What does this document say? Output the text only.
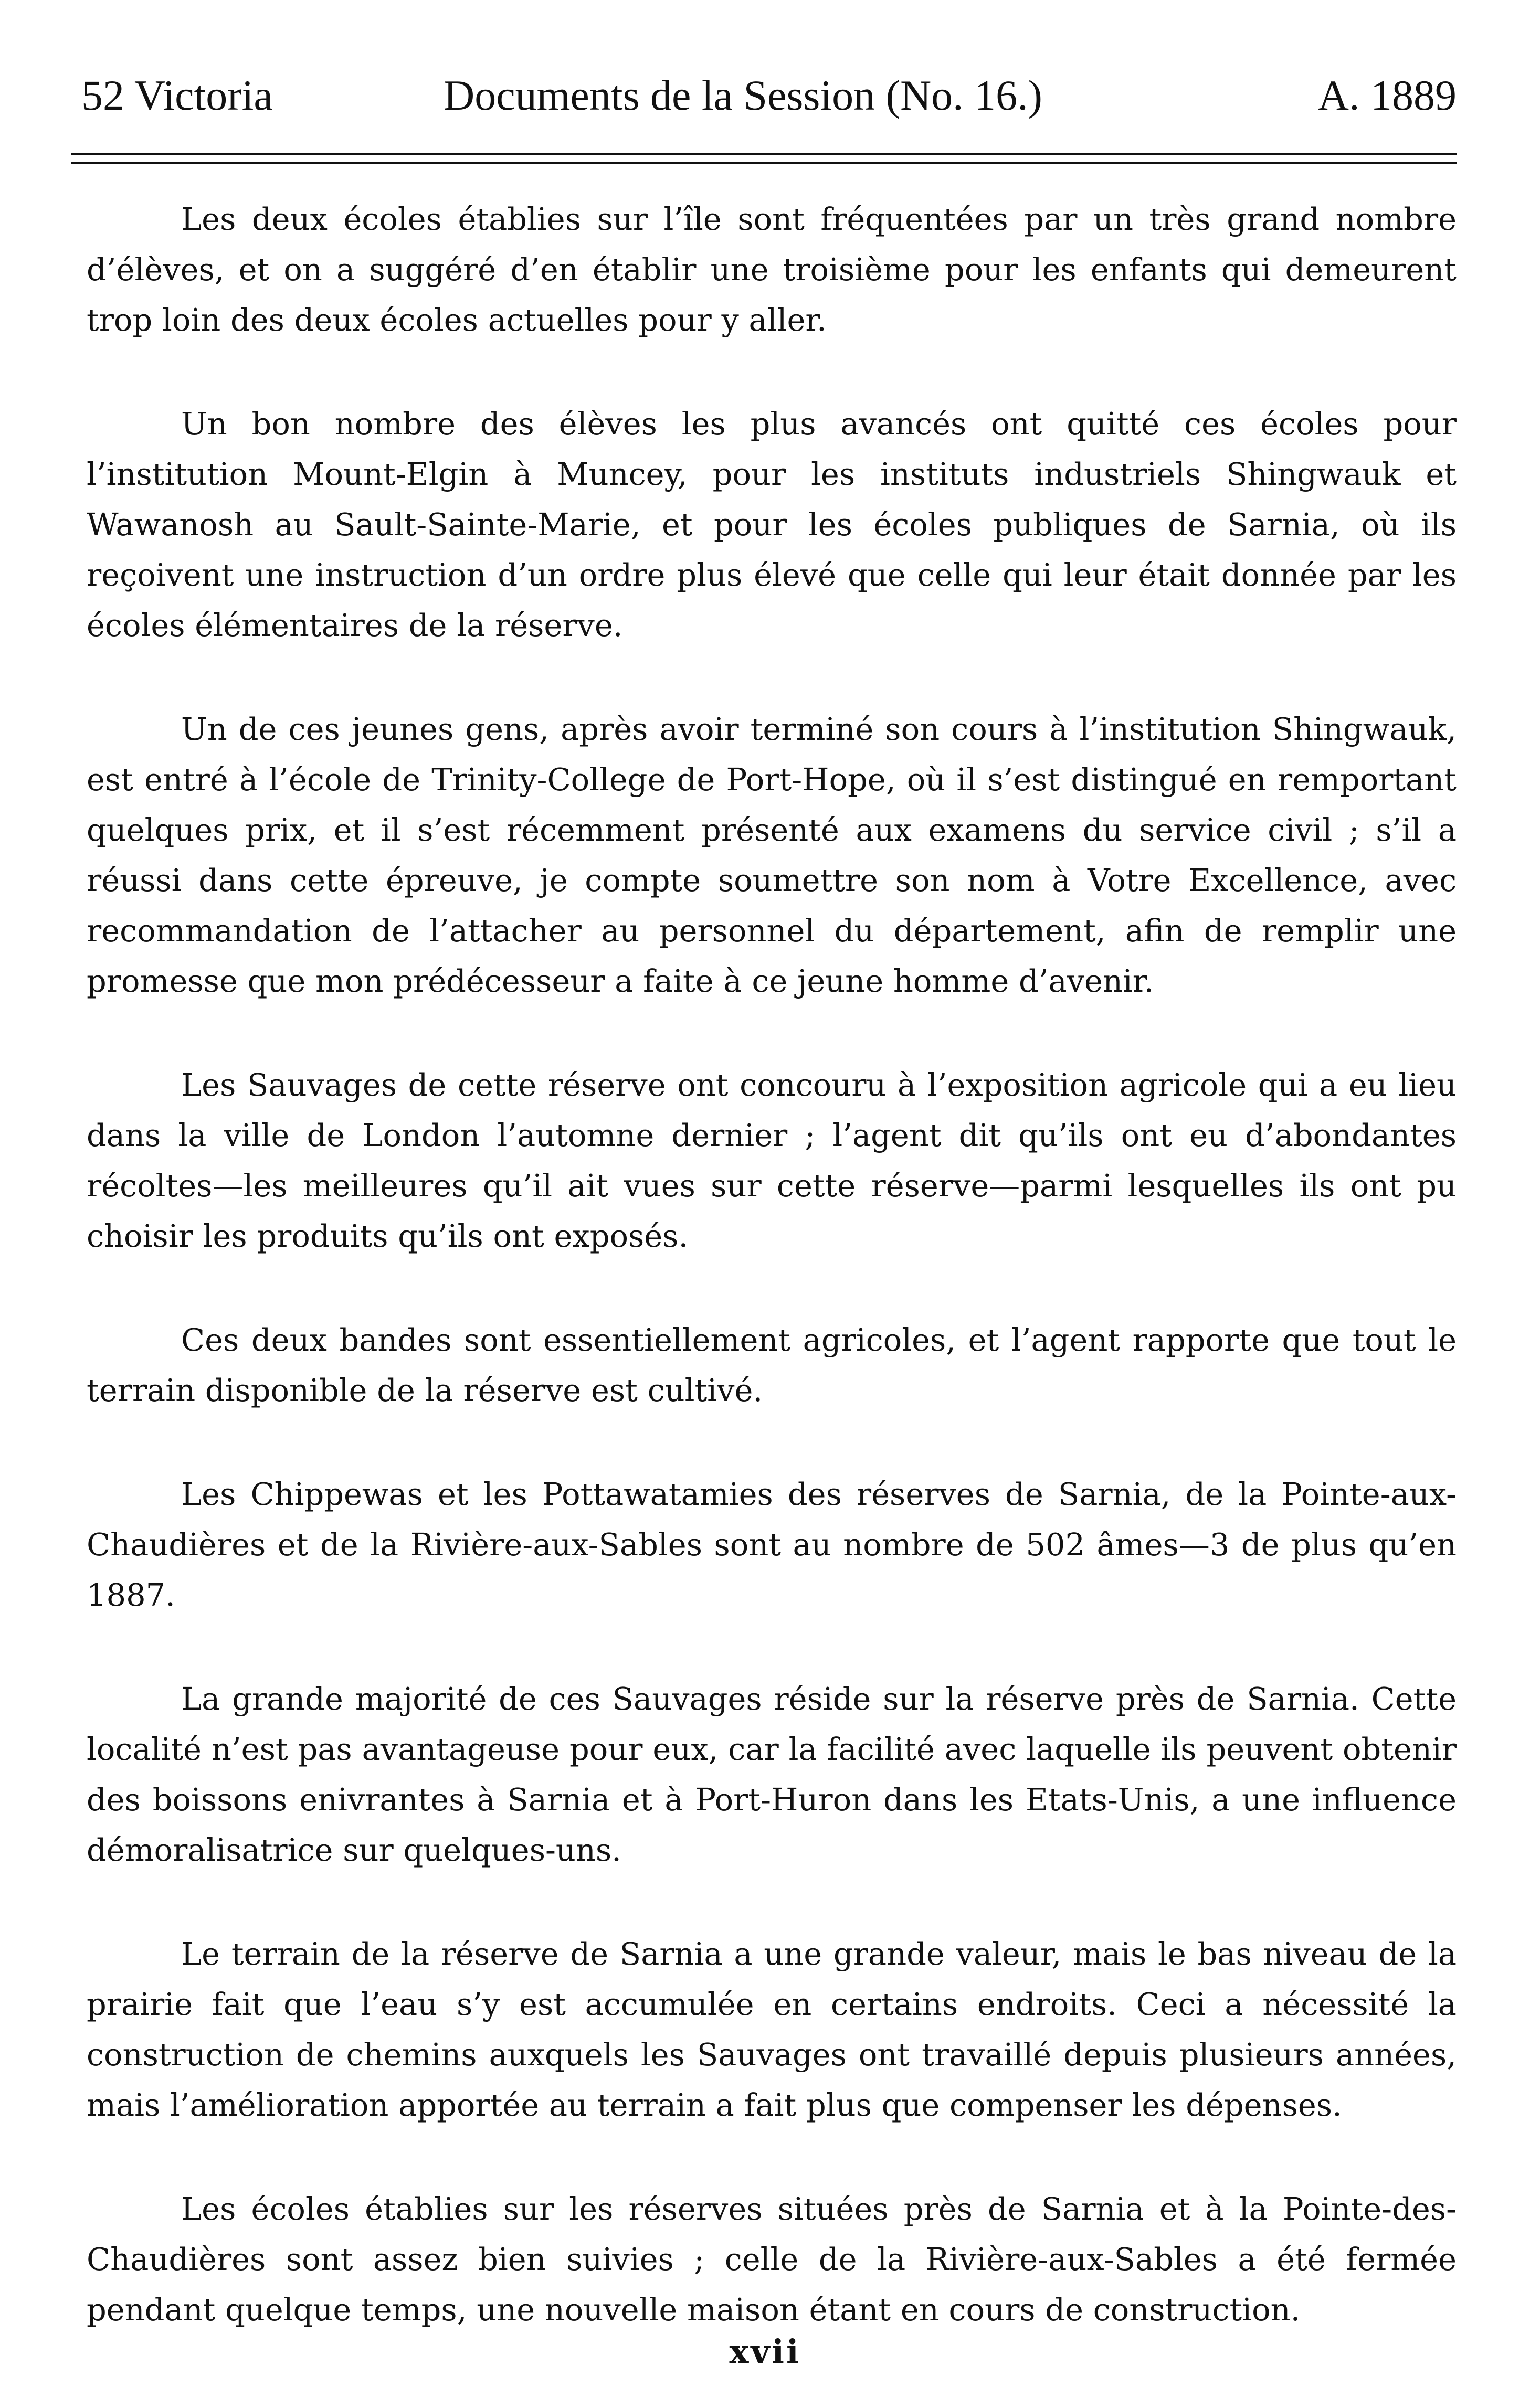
52 Victoria	Documents de la Session (No. 16.)	A. 1889

Les deux écoles établies sur l’île sont fréquentées par un très grand nombre d’élèves, et on a suggéré d’en établir une troisième pour les enfants qui demeurent trop loin des deux écoles actuelles pour y aller.

Un bon nombre des élèves les plus avancés ont quitté ces écoles pour l’institution Mount-Elgin à Muncey, pour les instituts industriels Shingwauk et Wawanosh au Sault-Sainte-Marie, et pour les écoles publiques de Sarnia, où ils reçoivent une instruction d’un ordre plus élevé que celle qui leur était donnée par les écoles élémentaires de la réserve.

Un de ces jeunes gens, après avoir terminé son cours à l’institution Shingwauk, est entré à l’école de Trinity-College de Port-Hope, où il s’est distingué en remportant quelques prix, et il s’est récemment présenté aux examens du service civil ; s’il a réussi dans cette épreuve, je compte soumettre son nom à Votre Excellence, avec recommandation de l’attacher au personnel du département, afin de remplir une promesse que mon prédécesseur a faite à ce jeune homme d’avenir.

Les Sauvages de cette réserve ont concouru à l’exposition agricole qui a eu lieu dans la ville de London l’automne dernier ; l’agent dit qu’ils ont eu d’abondantes récoltes—les meilleures qu’il ait vues sur cette réserve—parmi lesquelles ils ont pu choisir les produits qu’ils ont exposés.

Ces deux bandes sont essentiellement agricoles, et l’agent rapporte que tout le terrain disponible de la réserve est cultivé.

Les Chippewas et les Pottawatamies des réserves de Sarnia, de la Pointe-aux-Chaudières et de la Rivière-aux-Sables sont au nombre de 502 âmes—3 de plus qu’en 1887.

La grande majorité de ces Sauvages réside sur la réserve près de Sarnia. Cette localité n’est pas avantageuse pour eux, car la facilité avec laquelle ils peuvent obtenir des boissons enivrantes à Sarnia et à Port-Huron dans les Etats-Unis, a une influence démoralisatrice sur quelques-uns.

Le terrain de la réserve de Sarnia a une grande valeur, mais le bas niveau de la prairie fait que l’eau s’y est accumulée en certains endroits. Ceci a nécessité la construction de chemins auxquels les Sauvages ont travaillé depuis plusieurs années, mais l’amélioration apportée au terrain a fait plus que compenser les dépenses.

Les écoles établies sur les réserves situées près de Sarnia et à la Pointe-des-Chaudières sont assez bien suivies ; celle de la Rivière-aux-Sables a été fermée pendant quelque temps, une nouvelle maison étant en cours de construction.

xvii
